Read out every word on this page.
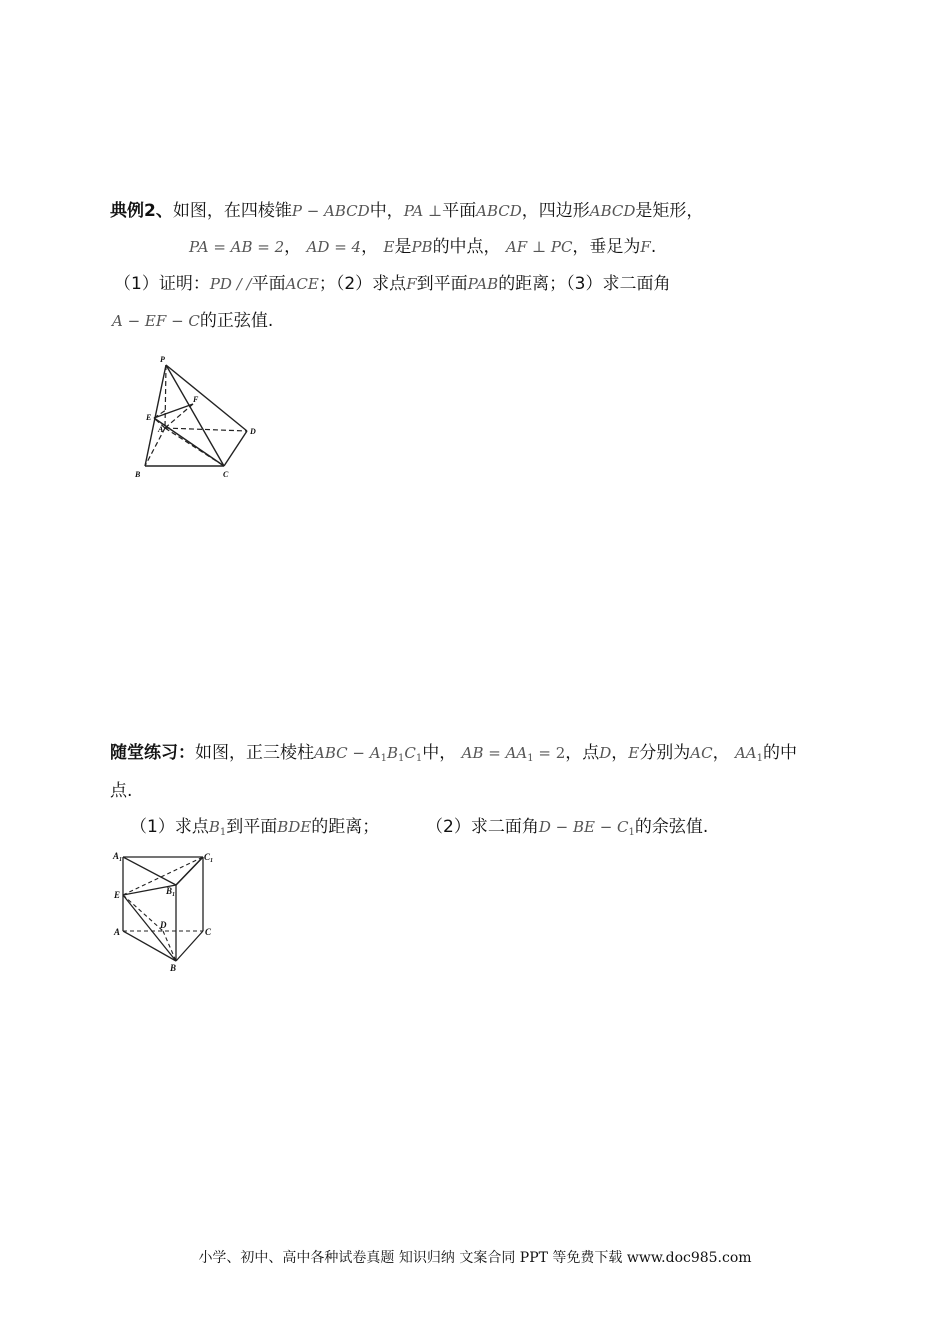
典例2、如图，在四棱锥P − ABCD中，PA ⊥平面ABCD，四边形ABCD是矩形，
PA = AB = 2， AD = 4， E是PB的中点， AF ⊥ PC，垂足为F.
（1）证明：PD / /平面ACE；（2）求点F到平面PAB的距离；（3）求二面角
A − EF − C的正弦值.
P
E
F
A	D
B	C
随堂练习：如图，正三棱柱ABC − A1B1C1中， AB = AA1 = 2，点D，E分别为AC， AA1的中
点.
（1）求点B1到平面BDE的距离；	（2）求二面角D − BE − C1的余弦值.
$A_1$	$C_1$
$B_1$
E
D
A	C
B
小学、初中、高中各种试卷真题 知识归纳 文案合同 PPT 等免费下载 www.doc985.com
